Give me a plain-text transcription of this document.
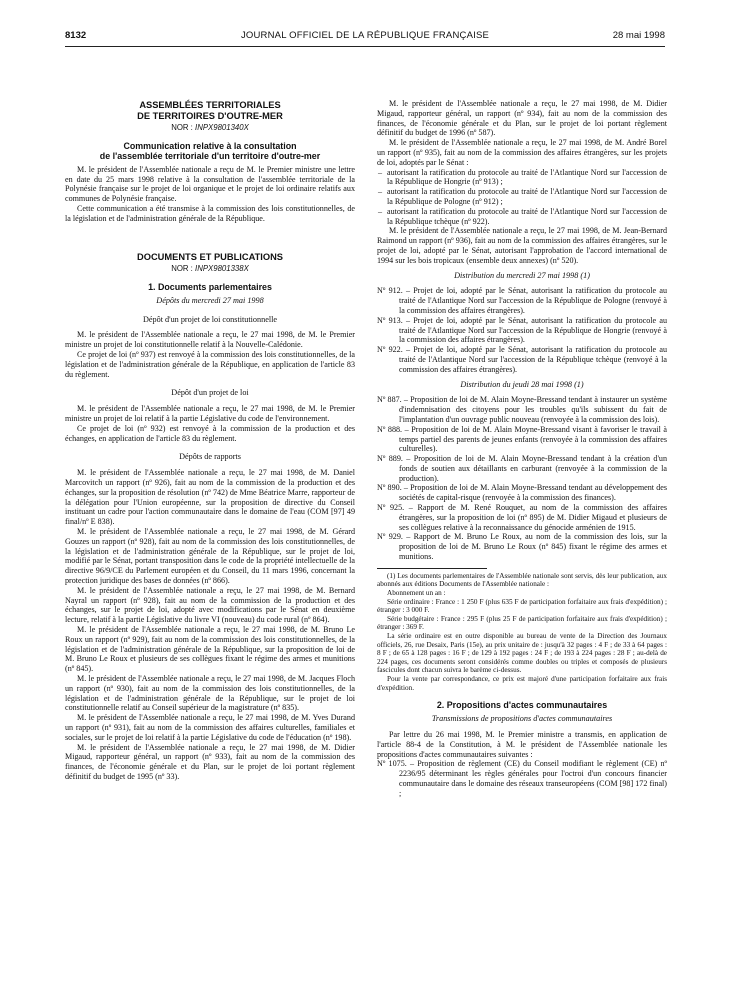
8132	JOURNAL OFFICIEL DE LA RÉPUBLIQUE FRANÇAISE	28 mai 1998
ASSEMBLÉES TERRITORIALES
DE TERRITOIRES D'OUTRE-MER
NOR : INPX9801340X
Communication relative à la consultation
de l'assemblée territoriale d'un territoire d'outre-mer

M. le président de l'Assemblée nationale a reçu de M. le Premier ministre une lettre en date du 25 mars 1998 relative à la consultation de l'assemblée territoriale de la Polynésie française sur le projet de loi organique et le projet de loi ordinaire relatifs aux communes de Polynésie française.

Cette communication a été transmise à la commission des lois constitutionnelles, de la législation et de l'administration générale de la République.

DOCUMENTS ET PUBLICATIONS
NOR : INPX9801338X
1. Documents parlementaires
Dépôts du mercredi 27 mai 1998
Dépôt d'un projet de loi constitutionnelle

M. le président de l'Assemblée nationale a reçu, le 27 mai 1998, de M. le Premier ministre un projet de loi constitutionnelle relatif à la Nouvelle-Calédonie.

Ce projet de loi (nº 937) est renvoyé à la commission des lois constitutionnelles, de la législation et de l'administration générale de la République, en application de l'article 83 du règlement.

Dépôt d'un projet de loi

M. le président de l'Assemblée nationale a reçu, le 27 mai 1998, de M. le Premier ministre un projet de loi relatif à la partie Législative du code de l'environnement.

Ce projet de loi (nº 932) est renvoyé à la commission de la production et des échanges, en application de l'article 83 du règlement.

Dépôts de rapports

M. le président de l'Assemblée nationale a reçu, le 27 mai 1998, de M. Daniel Marcovitch un rapport (nº 926), fait au nom de la commission de la production et des échanges, sur la proposition de résolution (nº 742) de Mme Béatrice Marre, rapporteur de la délégation pour l'Union européenne, sur la proposition de directive du Conseil instituant un cadre pour l'action communautaire dans le domaine de l'eau (COM [97] 49 final/nº E 838).

M. le président de l'Assemblée nationale a reçu, le 27 mai 1998, de M. Gérard Gouzes un rapport (nº 928), fait au nom de la commission des lois constitutionnelles, de la législation et de l'administration générale de la République, sur le projet de loi, modifié par le Sénat, portant transposition dans le code de la propriété intellectuelle de la directive 96/9/CE du Parlement européen et du Conseil, du 11 mars 1996, concernant la protection juridique des bases de données (nº 866).

M. le président de l'Assemblée nationale a reçu, le 27 mai 1998, de M. Bernard Nayral un rapport (nº 928), fait au nom de la commission de la production et des échanges, sur le projet de loi, adopté avec modifications par le Sénat en deuxième lecture, relatif à la partie Législative du livre VI (nouveau) du code rural (nº 864).

M. le président de l'Assemblée nationale a reçu, le 27 mai 1998, de M. Bruno Le Roux un rapport (nº 929), fait au nom de la commission des lois constitutionnelles, de la législation et de l'administration générale de la République, sur la proposition de loi de M. Bruno Le Roux et plusieurs de ses collègues fixant le régime des armes et munitions (nº 845).

M. le président de l'Assemblée nationale a reçu, le 27 mai 1998, de M. Jacques Floch un rapport (nº 930), fait au nom de la commission des lois constitutionnelles, de la législation et de l'administration générale de la République, sur le projet de loi constitutionnelle relatif au Conseil supérieur de la magistrature (nº 835).

M. le président de l'Assemblée nationale a reçu, le 27 mai 1998, de M. Yves Durand un rapport (nº 931), fait au nom de la commission des affaires culturelles, familiales et sociales, sur le projet de loi relatif à la partie Législative du code de l'éducation (nº 198).

M. le président de l'Assemblée nationale a reçu, le 27 mai 1998, de M. Didier Migaud, rapporteur général, un rapport (nº 933), fait au nom de la commission des finances, de l'économie générale et du Plan, sur le projet de loi portant règlement définitif du budget de 1995 (nº 33).

M. le président de l'Assemblée nationale a reçu, le 27 mai 1998, de M. Didier Migaud, rapporteur général, un rapport (nº 934), fait au nom de la commission des finances, de l'économie générale et du Plan, sur le projet de loi portant règlement définitif du budget de 1996 (nº 587).

M. le président de l'Assemblée nationale a reçu, le 27 mai 1998, de M. André Borel un rapport (nº 935), fait au nom de la commission des affaires étrangères, sur les projets de loi, adoptés par le Sénat :

– autorisant la ratification du protocole au traité de l'Atlantique Nord sur l'accession de la République de Hongrie (nº 913) ;

– autorisant la ratification du protocole au traité de l'Atlantique Nord sur l'accession de la République de Pologne (nº 912) ;

– autorisant la ratification du protocole au traité de l'Atlantique Nord sur l'accession de la République tchèque (nº 922).

M. le président de l'Assemblée nationale a reçu, le 27 mai 1998, de M. Jean-Bernard Raimond un rapport (nº 936), fait au nom de la commission des affaires étrangères, sur le projet de loi, adopté par le Sénat, autorisant l'approbation de l'accord international de 1994 sur les bois tropicaux (ensemble deux annexes) (nº 520).

Distribution du mercredi 27 mai 1998 (1)

Nº 912. – Projet de loi, adopté par le Sénat, autorisant la ratification du protocole au traité de l'Atlantique Nord sur l'accession de la République de Pologne (renvoyé à la commission des affaires étrangères).

Nº 913. – Projet de loi, adopté par le Sénat, autorisant la ratification du protocole au traité de l'Atlantique Nord sur l'accession de la République de Hongrie (renvoyé à la commission des affaires étrangères).

Nº 922. – Projet de loi, adopté par le Sénat, autorisant la ratification du protocole au traité de l'Atlantique Nord sur l'accession de la République tchèque (renvoyé à la commission des affaires étrangères).

Distribution du jeudi 28 mai 1998 (1)

Nº 887. – Proposition de loi de M. Alain Moyne-Bressand tendant à instaurer un système d'indemnisation des citoyens pour les troubles qu'ils subissent du fait de l'implantation d'un ouvrage public nouveau (renvoyée à la commission des lois).

Nº 888. – Proposition de loi de M. Alain Moyne-Bressand visant à favoriser le travail à temps partiel des parents de jeunes enfants (renvoyée à la commission des affaires culturelles).

Nº 889. – Proposition de loi de M. Alain Moyne-Bressand tendant à la création d'un fonds de soutien aux détaillants en carburant (renvoyée à la commission de la production).

Nº 890. – Proposition de loi de M. Alain Moyne-Bressand tendant au développement des sociétés de capital-risque (renvoyée à la commission des finances).

Nº 925. – Rapport de M. René Rouquet, au nom de la commission des affaires étrangères, sur la proposition de loi (nº 895) de M. Didier Migaud et plusieurs de ses collègues relative à la reconnaissance du génocide arménien de 1915.

Nº 929. – Rapport de M. Bruno Le Roux, au nom de la commission des lois, sur la proposition de loi de M. Bruno Le Roux (nº 845) fixant le régime des armes et munitions.

(1) Les documents parlementaires de l'Assemblée nationale sont servis, dès leur publication, aux abonnés aux éditions Documents de l'Assemblée nationale :

Abonnement un an :

Série ordinaire : France : 1 250 F (plus 635 F de participation forfaitaire aux frais d'expédition) ; étranger : 3 000 F.

Série budgétaire : France : 295 F (plus 25 F de participation forfaitaire aux frais d'expédition) ; étranger : 369 F.

La série ordinaire est en outre disponible au bureau de vente de la Direction des Journaux officiels, 26, rue Desaix, Paris (15e), au prix unitaire de : jusqu'à 32 pages : 4 F ; de 33 à 64 pages : 8 F ; de 65 à 128 pages : 16 F ; de 129 à 192 pages : 24 F ; de 193 à 224 pages : 28 F ; au-delà de 224 pages, ces documents seront considérés comme doubles ou triples et composés de plusieurs fascicules dont chacun suivra le barème ci-dessus.

Pour la vente par correspondance, ce prix est majoré d'une participation forfaitaire aux frais d'expédition.

2. Propositions d'actes communautaires
Transmissions de propositions d'actes communautaires

Par lettre du 26 mai 1998, M. le Premier ministre a transmis, en application de l'article 88-4 de la Constitution, à M. le président de l'Assemblée nationale les propositions d'actes communautaires suivantes :

Nº 1075. – Proposition de règlement (CE) du Conseil modifiant le règlement (CE) nº 2236/95 déterminant les règles générales pour l'octroi d'un concours financier communautaire dans le domaine des réseaux transeuropéens (COM [98] 172 final) ;
